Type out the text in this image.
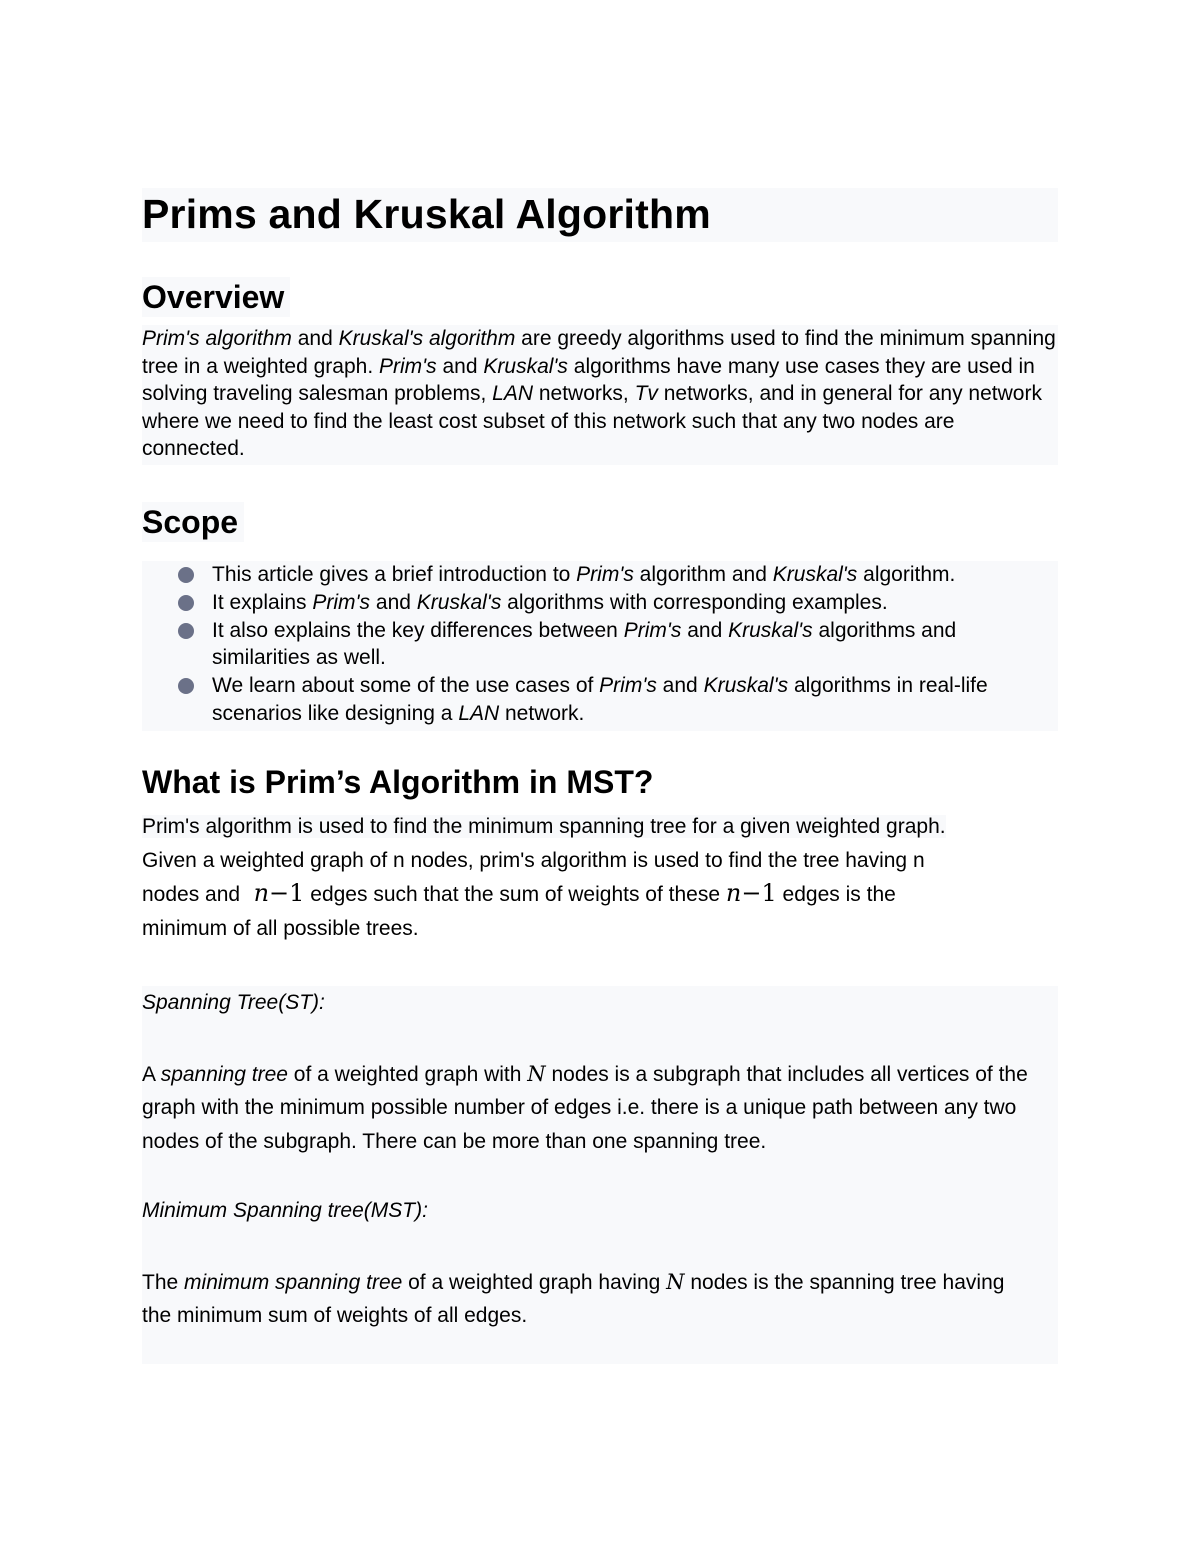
Prims and Kruskal Algorithm
Overview

Prim's algorithm and Kruskal's algorithm are greedy algorithms used to find the minimum spanning tree in a weighted graph. Prim's and Kruskal's algorithms have many use cases they are used in solving traveling salesman problems, LAN networks, Tv networks, and in general for any network where we need to find the least cost subset of this network such that any two nodes are connected.

Scope
This article gives a brief introduction to Prim's algorithm and Kruskal's algorithm.
It explains Prim's and Kruskal's algorithms with corresponding examples.
It also explains the key differences between Prim's and Kruskal's algorithms and similarities as well.
We learn about some of the use cases of Prim's and Kruskal's algorithms in real-life scenarios like designing a LAN network.
What is Prim’s Algorithm in MST?

Prim's algorithm is used to find the minimum spanning tree for a given weighted graph.
Given a weighted graph of n nodes, prim's algorithm is used to find the tree having n
nodes and  n−1 edges such that the sum of weights of these n−1 edges is the
minimum of all possible trees.

Spanning Tree(ST):

A spanning tree of a weighted graph with N nodes is a subgraph that includes all vertices of the graph with the minimum possible number of edges i.e. there is a unique path between any two nodes of the subgraph. There can be more than one spanning tree.

Minimum Spanning tree(MST):

The minimum spanning tree of a weighted graph having N nodes is the spanning tree having the minimum sum of weights of all edges.
